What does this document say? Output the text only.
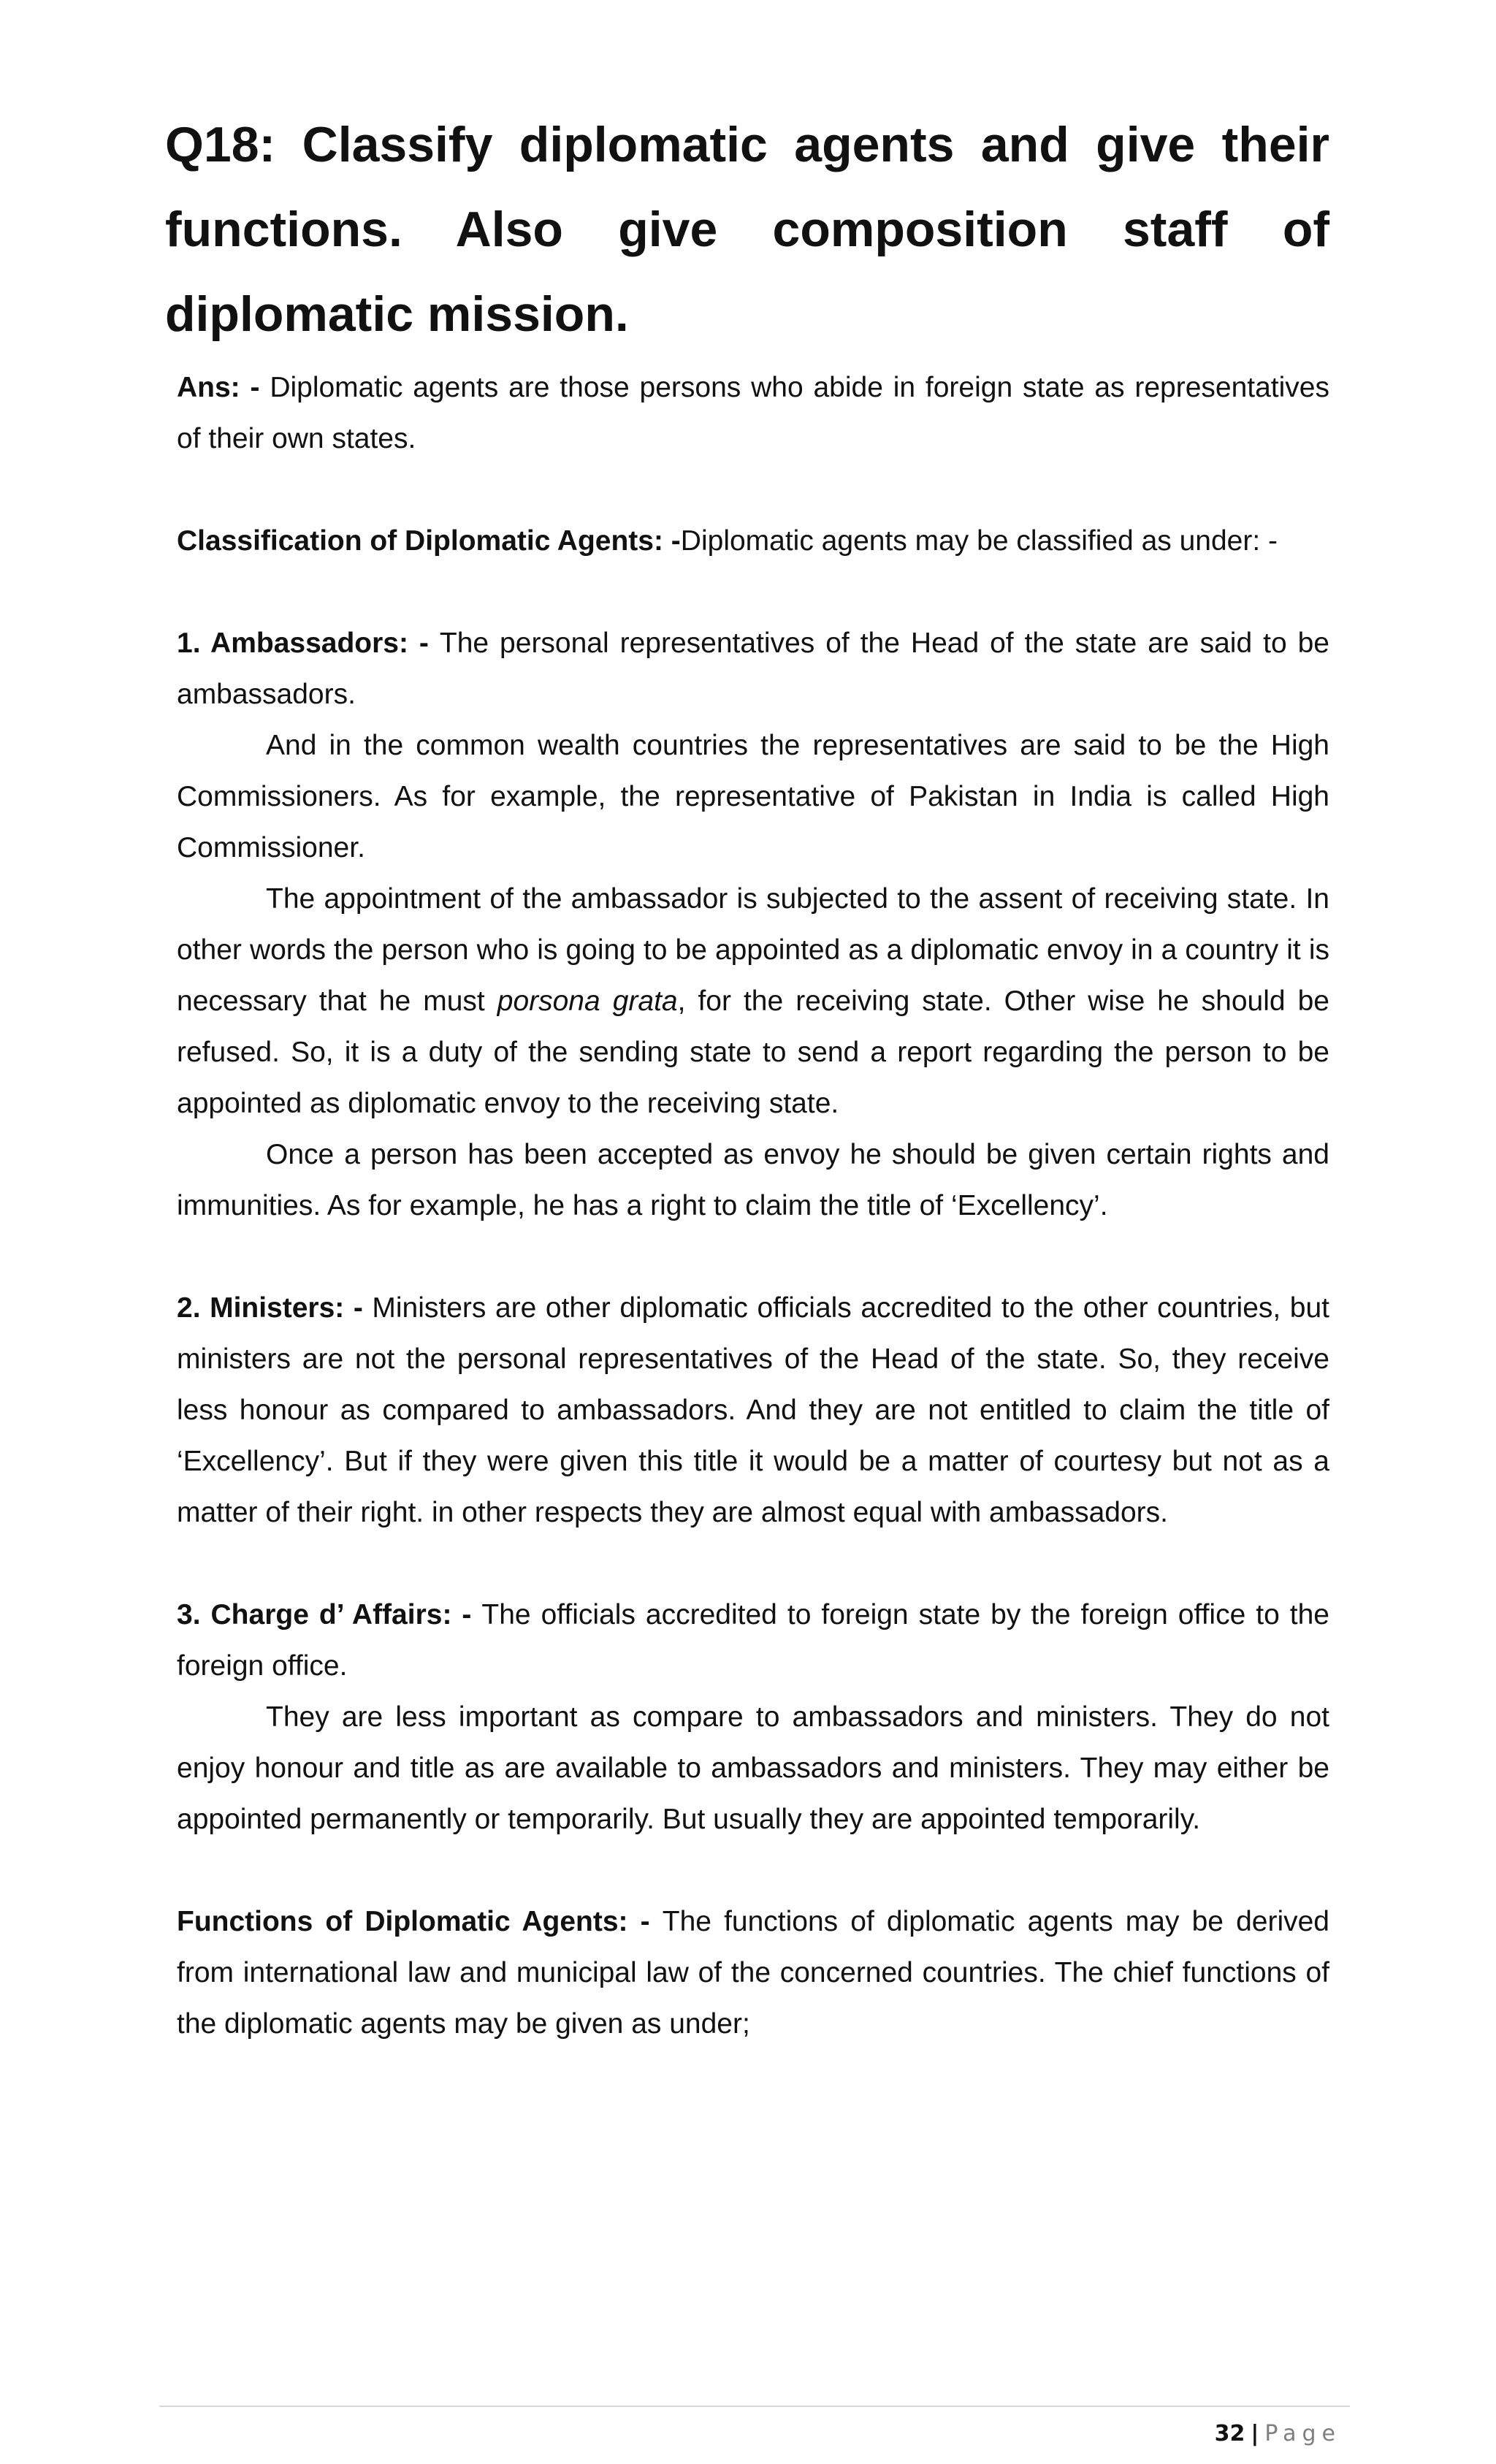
Q18: Classify diplomatic agents and give their functions. Also give composition staff of diplomatic mission.

Ans: - Diplomatic agents are those persons who abide in foreign state as representatives of their own states.

Classification of Diplomatic Agents: -Diplomatic agents may be classified as under: -

1. Ambassadors: - The personal representatives of the Head of the state are said to be ambassadors.

And in the common wealth countries the representatives are said to be the High Commissioners. As for example, the representative of Pakistan in India is called High Commissioner.

The appointment of the ambassador is subjected to the assent of receiving state. In other words the person who is going to be appointed as a diplomatic envoy in a country it is necessary that he must porsona grata, for the receiving state. Other wise he should be refused. So, it is a duty of the sending state to send a report regarding the person to be appointed as diplomatic envoy to the receiving state.

Once a person has been accepted as envoy he should be given certain rights and immunities. As for example, he has a right to claim the title of ‘Excellency’.

2. Ministers: - Ministers are other diplomatic officials accredited to the other countries, but ministers are not the personal representatives of the Head of the state. So, they receive less honour as compared to ambassadors. And they are not entitled to claim the title of ‘Excellency’. But if they were given this title it would be a matter of courtesy but not as a matter of their right. in other respects they are almost equal with ambassadors.

3. Charge d’ Affairs: - The officials accredited to foreign state by the foreign office to the foreign office.

They are less important as compare to ambassadors and ministers. They do not enjoy honour and title as are available to ambassadors and ministers. They may either be appointed permanently or temporarily. But usually they are appointed temporarily.

Functions of Diplomatic Agents: - The functions of diplomatic agents may be derived from international law and municipal law of the concerned countries. The chief functions of the diplomatic agents may be given as under;

32 | Page
